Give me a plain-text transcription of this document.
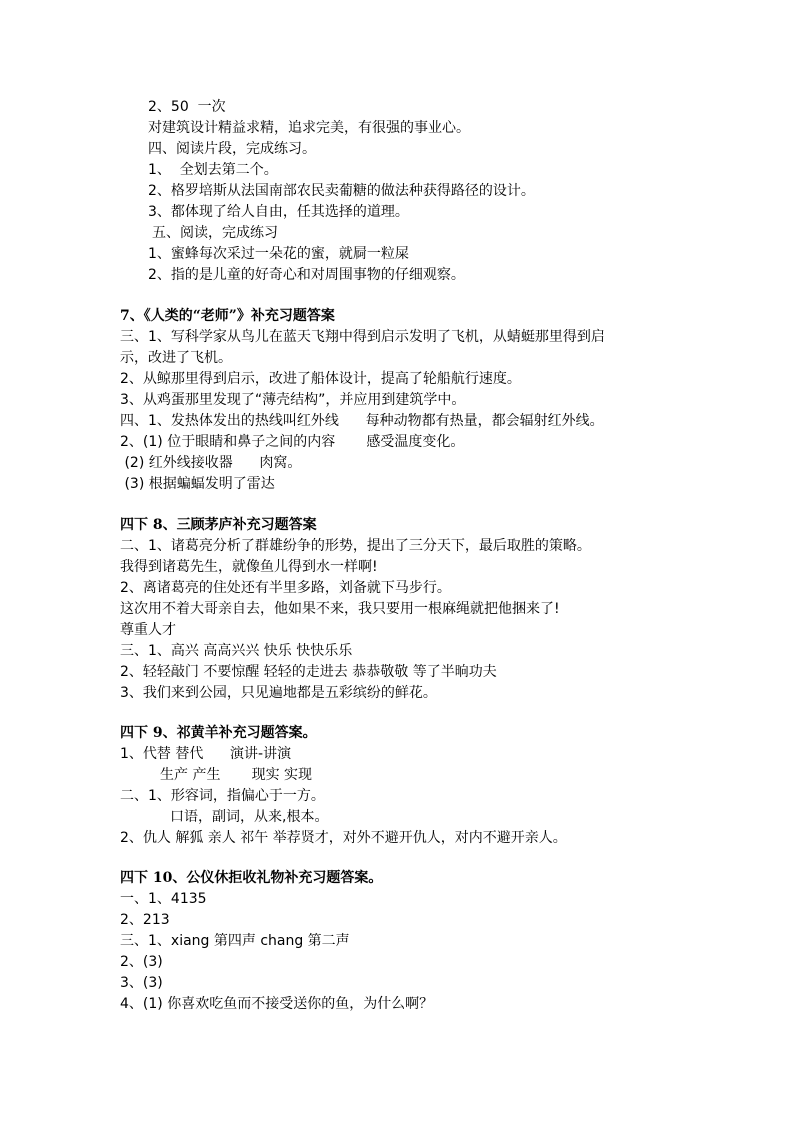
2、50  一次
对建筑设计精益求精，追求完美，有很强的事业心。
四、阅读片段，完成练习。
1、  全划去第二个。
2、格罗培斯从法国南部农民卖葡糖的做法种获得路径的设计。
3、都体现了给人自由，任其选择的道理。
五、阅读，完成练习
1、蜜蜂每次采过一朵花的蜜，就屙一粒屎
2、指的是儿童的好奇心和对周围事物的仔细观察。
7、《人类的“老师”》补充习题答案
三、1、写科学家从鸟儿在蓝天飞翔中得到启示发明了飞机，从蜻蜓那里得到启
示，改进了飞机。
2、从鲸那里得到启示，改进了船体设计，提高了轮船航行速度。
3、从鸡蛋那里发现了“薄壳结构”，并应用到建筑学中。
四、1、发热体发出的热线叫红外线      每种动物都有热量，都会辐射红外线。
2、(1) 位于眼睛和鼻子之间的内容       感受温度变化。
(2) 红外线接收器      肉窝。
(3) 根据蝙蝠发明了雷达
四下 8、三顾茅庐补充习题答案
二、1、诸葛亮分析了群雄纷争的形势，提出了三分天下，最后取胜的策略。
我得到诸葛先生，就像鱼儿得到水一样啊!
2、离诸葛亮的住处还有半里多路，刘备就下马步行。
这次用不着大哥亲自去，他如果不来，我只要用一根麻绳就把他捆来了!
尊重人才
三、1、高兴 高高兴兴 快乐 快快乐乐
2、轻轻敲门 不要惊醒 轻轻的走进去 恭恭敬敬 等了半晌功夫
3、我们来到公园，只见遍地都是五彩缤纷的鲜花。
四下 9、祁黄羊补充习题答案。
1、代替 替代      演讲-讲演
生产 产生       现实 实现
二、1、形容词，指偏心于一方。
口语，副词，从来,根本。
2、仇人 解狐 亲人 祁午 举荐贤才，对外不避开仇人，对内不避开亲人。
四下 10、公仪休拒收礼物补充习题答案。
一、1、4135
2、213
三、1、xiang 第四声 chang 第二声
2、(3)
3、(3)
4、(1) 你喜欢吃鱼而不接受送你的鱼，为什么啊？
